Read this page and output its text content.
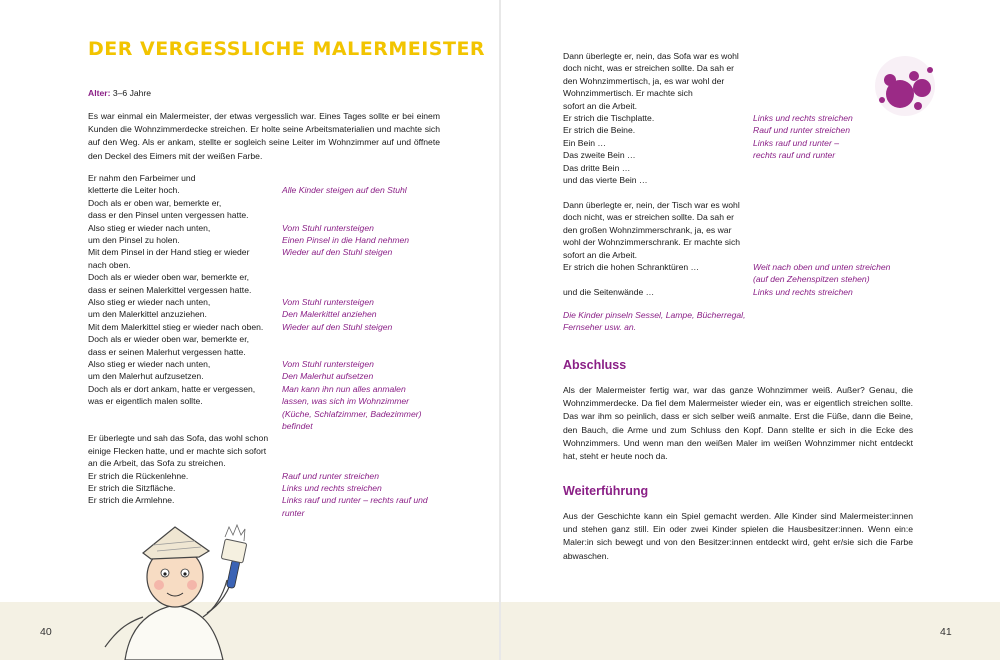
DER VERGESSLICHE MALERMEISTER
Alter: 3–6 Jahre
Es war einmal ein Malermeister, der etwas vergesslich war. Eines Tages sollte er bei einem Kunden die Wohnzimmerdecke streichen. Er holte seine Arbeitsmaterialien und machte sich auf den Weg. Als er ankam, stellte er sogleich seine Leiter im Wohnzimmer auf und öffnete den Deckel des Eimers mit der weißen Farbe.
Er nahm den Farbeimer und
kletterte die Leiter hoch.
Doch als er oben war, bemerkte er,
dass er den Pinsel unten vergessen hatte.
Also stieg er wieder nach unten,
um den Pinsel zu holen.
Mit dem Pinsel in der Hand stieg er wieder
nach oben.
Doch als er wieder oben war, bemerkte er,
dass er seinen Malerkittel vergessen hatte.
Also stieg er wieder nach unten,
um den Malerkittel anzuziehen.
Mit dem Malerkittel stieg er wieder nach oben.
Doch als er wieder oben war, bemerkte er,
dass er seinen Malerhut vergessen hatte.
Also stieg er wieder nach unten,
um den Malerhut aufzusetzen.
Doch als er dort ankam, hatte er vergessen,
was er eigentlich malen sollte.
Er überlegte und sah das Sofa, das wohl schon
einige Flecken hatte, und er machte sich sofort
an die Arbeit, das Sofa zu streichen.
Er strich die Rückenlehne.
Er strich die Sitzfläche.
Er strich die Armlehne.
Alle Kinder steigen auf den Stuhl
Vom Stuhl runtersteigen
Einen Pinsel in die Hand nehmen
Wieder auf den Stuhl steigen
Vom Stuhl runtersteigen
Den Malerkittel anziehen
Wieder auf den Stuhl steigen
Vom Stuhl runtersteigen
Den Malerhut aufsetzen
Man kann ihn nun alles anmalen
lassen, was sich im Wohnzimmer
(Küche, Schlafzimmer, Badezimmer)
befindet
Rauf und runter streichen
Links und rechts streichen
Links rauf und runter – rechts rauf und
runter
40
Dann überlegte er, nein, das Sofa war es wohl
doch nicht, was er streichen sollte. Da sah er
den Wohnzimmertisch, ja, es war wohl der
Wohnzimmertisch. Er machte sich
sofort an die Arbeit.
Er strich die Tischplatte.
Er strich die Beine.
Ein Bein …
Das zweite Bein …
Das dritte Bein …
und das vierte Bein …
Links und rechts streichen
Rauf und runter streichen
Links rauf und runter –
rechts rauf und runter
Dann überlegte er, nein, der Tisch war es wohl
doch nicht, was er streichen sollte. Da sah er
den großen Wohnzimmerschrank, ja, es war
wohl der Wohnzimmerschrank. Er machte sich
sofort an die Arbeit.
Er strich die hohen Schranktüren …
und die Seitenwände …
Weit nach oben und unten streichen
(auf den Zehenspitzen stehen)
Links und rechts streichen
Die Kinder pinseln Sessel, Lampe, Bücherregal,
Fernseher usw. an.
Abschluss
Als der Malermeister fertig war, war das ganze Wohnzimmer weiß. Außer? Genau, die Wohnzimmerdecke. Da fiel dem Malermeister wieder ein, was er eigentlich streichen sollte. Das war ihm so peinlich, dass er sich selber weiß anmalte. Erst die Füße, dann die Beine, den Bauch, die Arme und zum Schluss den Kopf. Dann stellte er sich in die Ecke des Wohnzimmers. Und wenn man den weißen Maler im weißen Wohnzimmer nicht entdeckt hat, steht er heute noch da.
Weiterführung
Aus der Geschichte kann ein Spiel gemacht werden. Alle Kinder sind Malermeister:innen und stehen ganz still. Ein oder zwei Kinder spielen die Hausbesitzer:innen. Wenn ein:e Maler:in sich bewegt und von den Besitzer:innen entdeckt wird, geht er/sie sich die Farbe abwaschen.
41
